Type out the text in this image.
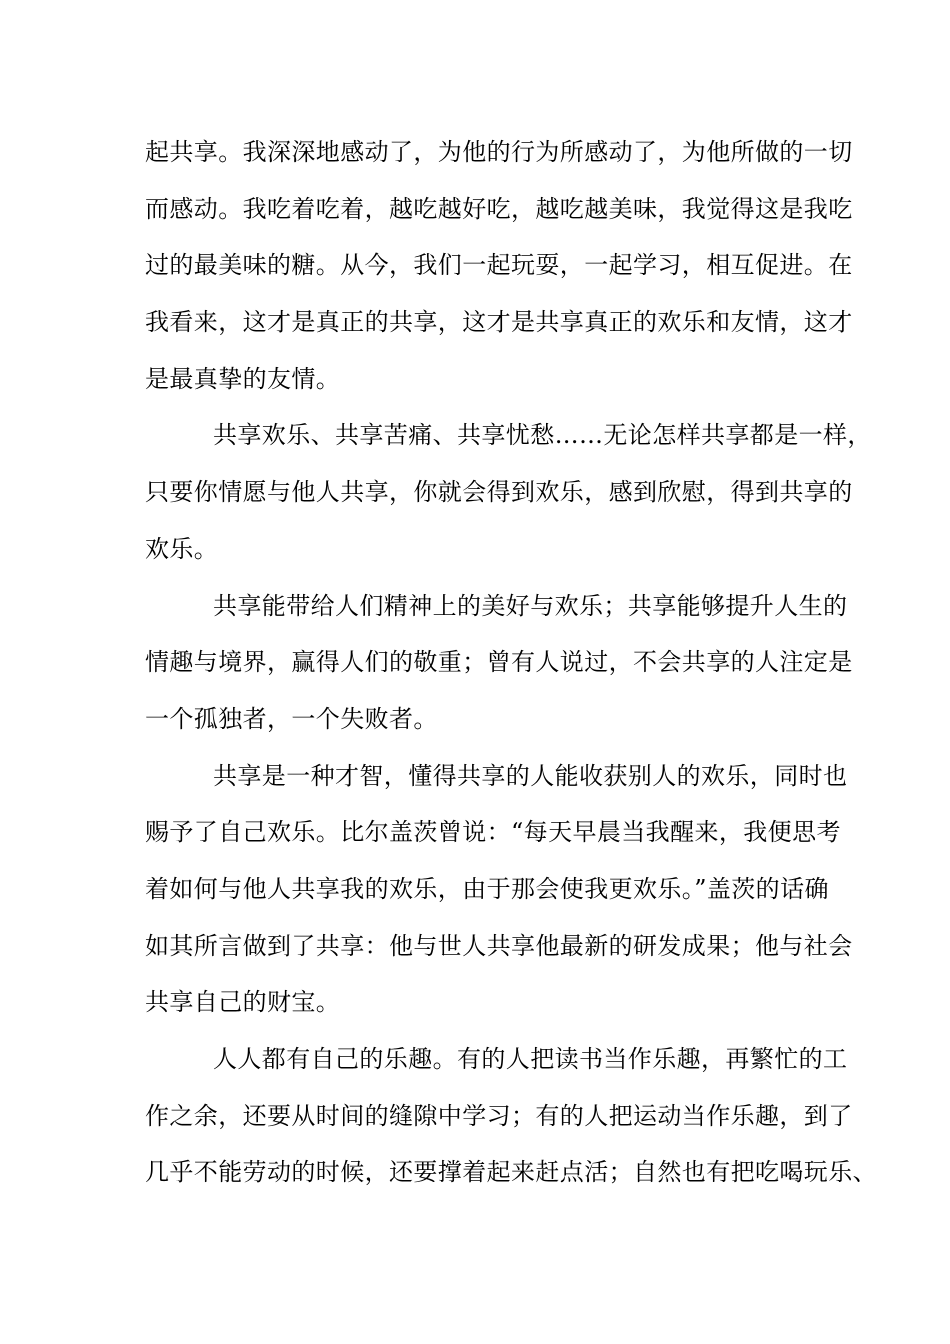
起共享。我深深地感动了，为他的行为所感动了，为他所做的一切
而感动。我吃着吃着，越吃越好吃，越吃越美味，我觉得这是我吃
过的最美味的糖。从今，我们一起玩耍，一起学习，相互促进。在
我看来，这才是真正的共享，这才是共享真正的欢乐和友情，这才
是最真挚的友情。
共享欢乐、共享苦痛、共享忧愁……无论怎样共享都是一样，
只要你情愿与他人共享，你就会得到欢乐，感到欣慰，得到共享的
欢乐。
共享能带给人们精神上的美好与欢乐；共享能够提升人生的
情趣与境界，赢得人们的敬重；曾有人说过，不会共享的人注定是
一个孤独者，一个失败者。
共享是一种才智，懂得共享的人能收获别人的欢乐，同时也
赐予了自己欢乐。比尔盖茨曾说：“每天早晨当我醒来，我便思考
着如何与他人共享我的欢乐，由于那会使我更欢乐。”盖茨的话确
如其所言做到了共享：他与世人共享他最新的研发成果；他与社会
共享自己的财宝。
人人都有自己的乐趣。有的人把读书当作乐趣，再繁忙的工
作之余，还要从时间的缝隙中学习；有的人把运动当作乐趣，到了
几乎不能劳动的时候，还要撑着起来赶点活；自然也有把吃喝玩乐、
